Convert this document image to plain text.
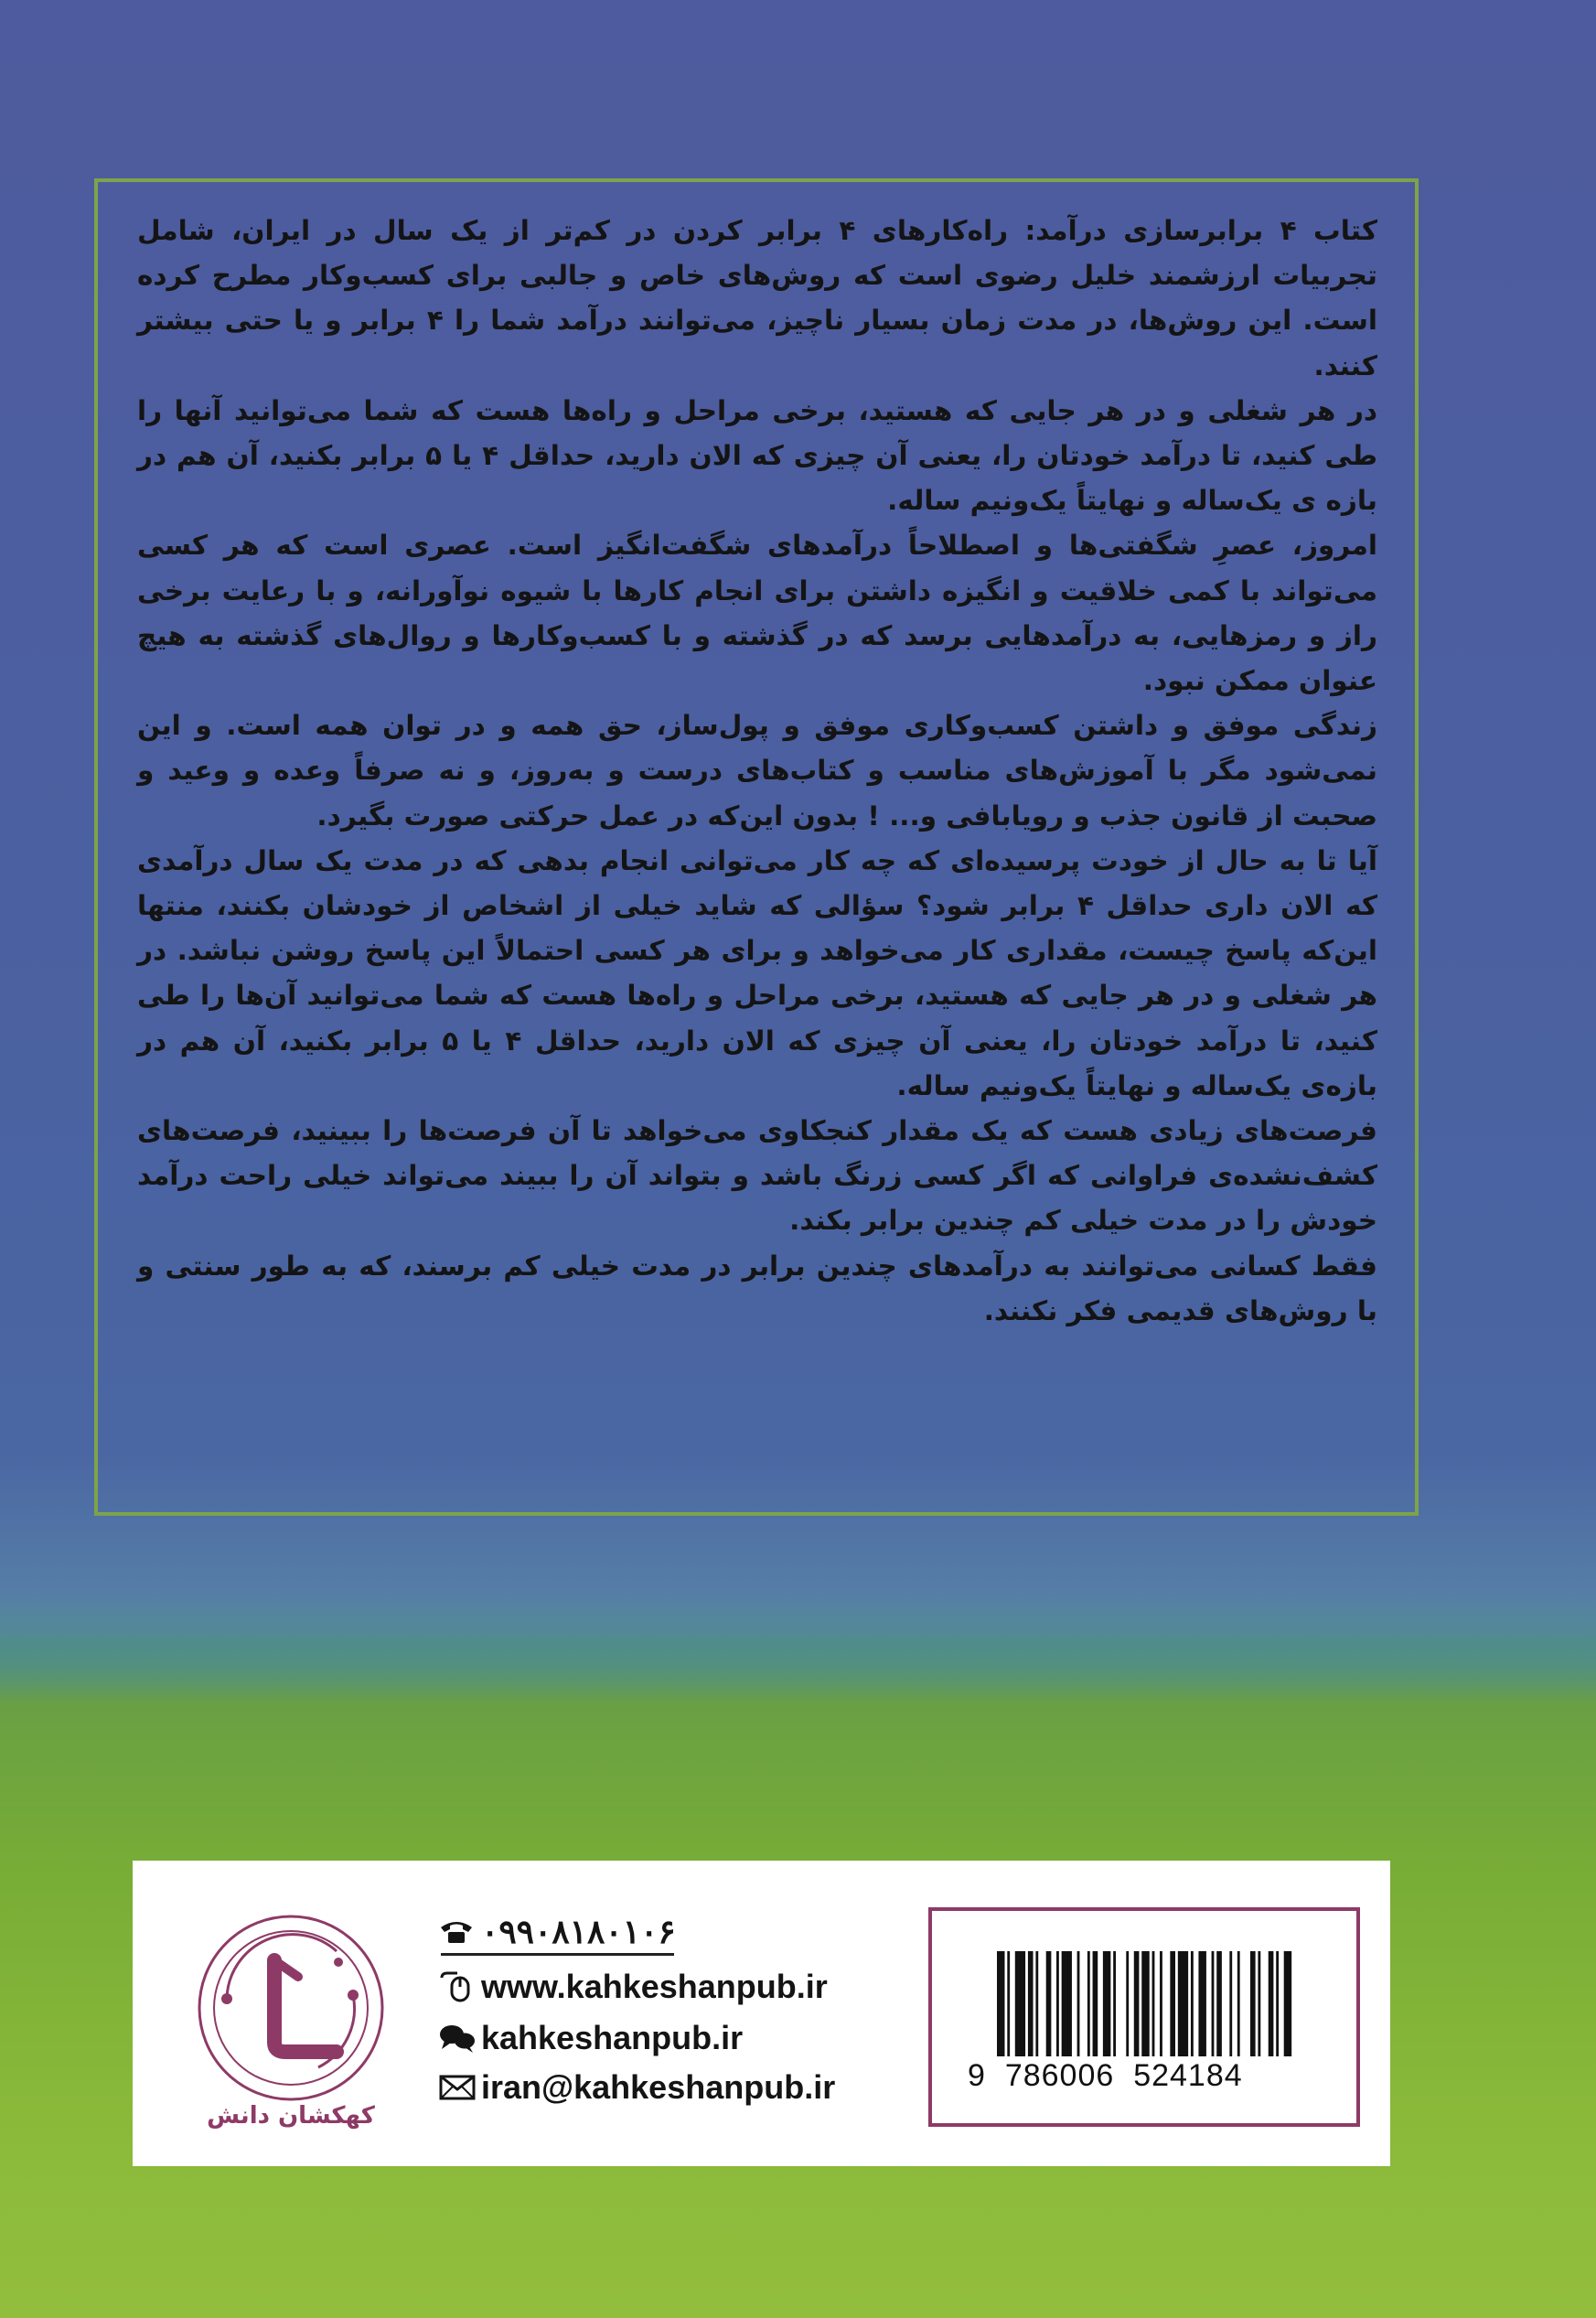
کتاب ۴ برابرسازی درآمد: راه‌کارهای ۴ برابر کردن در کم‌تر از یک سال در ایران، شامل تجربیات ارزشمند خلیل رضوی است که روش‌های خاص و جالبی برای کسب‌وکار مطرح کرده است. این روش‌ها، در مدت زمان بسیار ناچیز، می‌توانند درآمد شما را ۴ برابر و یا حتی بیشتر کنند.

در هر شغلی و در هر جایی که هستید، برخی مراحل و راه‌ها هست که شما می‌توانید آنها را طی کنید، تا درآمد خودتان را، یعنی آن چیزی که الان دارید، حداقل ۴ یا ۵ برابر بکنید، آن هم در بازه ی یک‌ساله و نهایتاً یک‌ونیم ساله.

امروز، عصرِ شگفتی‌ها و اصطلاحاً درآمدهای شگفت‌انگیز است. عصری است که هر کسی می‌تواند با کمی خلاقیت و انگیزه داشتن برای انجام کارها با شیوه نوآورانه، و با رعایت برخی راز و رمزهایی، به درآمدهایی برسد که در گذشته و با کسب‌وکارها و روال‌های گذشته به هیچ عنوان ممکن نبود.

زندگی موفق و داشتن کسب‌وکاری موفق و پول‌ساز، حق همه و در توان همه است. و این نمی‌شود مگر با آموزش‌های مناسب و کتاب‌های درست و به‌روز، و نه صرفاً وعده و وعید و صحبت از قانون جذب و رویابافی و... ! بدون این‌که در عمل حرکتی صورت بگیرد.

آیا تا به حال از خودت پرسیده‌ای که چه کار می‌توانی انجام بدهی که در مدت یک سال درآمدی که الان داری حداقل ۴ برابر شود؟ سؤالی که شاید خیلی از اشخاص از خودشان بکنند، منتها این‌که پاسخ چیست، مقداری کار می‌خواهد و برای هر کسی احتمالاً این پاسخ روشن نباشد. در هر شغلی و در هر جایی که هستید، برخی مراحل و راه‌ها هست که شما می‌توانید آن‌ها را طی کنید، تا درآمد خودتان را، یعنی آن چیزی که الان دارید، حداقل ۴ یا ۵ برابر بکنید، آن هم در بازه‌ی یک‌ساله و نهایتاً یک‌ونیم ساله.

فرصت‌های زیادی هست که یک مقدار کنجکاوی می‌خواهد تا آن فرصت‌ها را ببینید، فرصت‌های کشف‌نشده‌ی فراوانی که اگر کسی زرنگ باشد و بتواند آن را ببیند می‌تواند خیلی راحت درآمد خودش را در مدت خیلی کم چندین برابر بکند.

فقط کسانی می‌توانند به درآمدهای چندین برابر در مدت خیلی کم برسند، که به طور سنتی و با روش‌های قدیمی فکر نکنند.

کهکشان دانش
۰۹۹۰۸۱۸۰۱۰۶
www.kahkeshanpub.ir
kahkeshanpub.ir
iran@kahkeshanpub.ir	9 786006 524184
